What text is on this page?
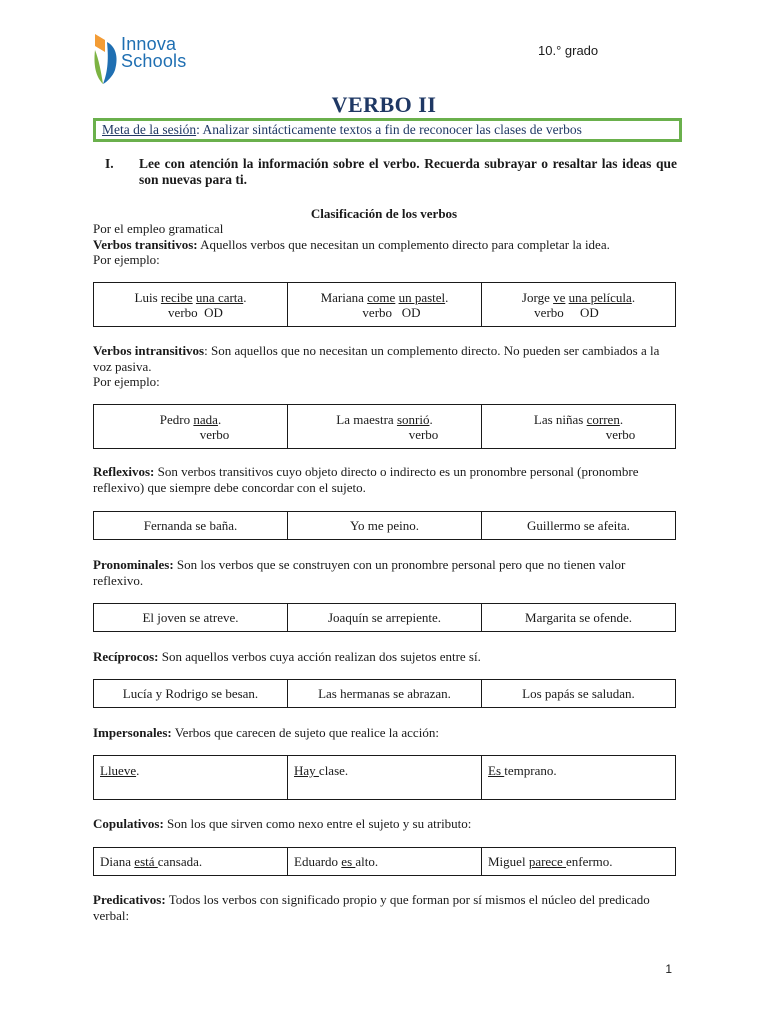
Innova
Schools
10.° grado
VERBO II
Meta de la sesión: Analizar sintácticamente textos a fin de reconocer las clases de verbos
I. Lee con atención la información sobre el verbo. Recuerda subrayar o resaltar las ideas que son nuevas para ti.
Clasificación de los verbos
Por el empleo gramatical
Verbos transitivos: Aquellos verbos que necesitan un complemento directo para completar la idea.
Por ejemplo:
Luis recibe una carta.
verbo  OD
	Mariana come un pastel.
verbo   OD
	Jorge ve una película.
verbo     OD
Verbos intransitivos: Son aquellos que no necesitan un complemento directo. No pueden ser cambiados a la voz pasiva.
Por ejemplo:
Pedro nada.
verbo
	La maestra sonrió.
verbo
	Las niñas corren.
verbo
Reflexivos: Son verbos transitivos cuyo objeto directo o indirecto es un pronombre personal (pronombre reflexivo) que siempre debe concordar con el sujeto.
Fernanda se baña.	Yo me peino.	Guillermo se afeita.
Pronominales: Son los verbos que se construyen con un pronombre personal pero que no tienen valor reflexivo.
El joven se atreve.	Joaquín se arrepiente.	Margarita se ofende.
Recíprocos: Son aquellos verbos cuya acción realizan dos sujetos entre sí.
Lucía y Rodrigo se besan.	Las hermanas se abrazan.	Los papás se saludan.
Impersonales: Verbos que carecen de sujeto que realice la acción:
Llueve.	Hay clase.	Es temprano.
Copulativos: Son los que sirven como nexo entre el sujeto y su atributo:
Diana está cansada.	Eduardo es alto.	Miguel parece enfermo.
Predicativos: Todos los verbos con significado propio y que forman por sí mismos el núcleo del predicado verbal:
1
